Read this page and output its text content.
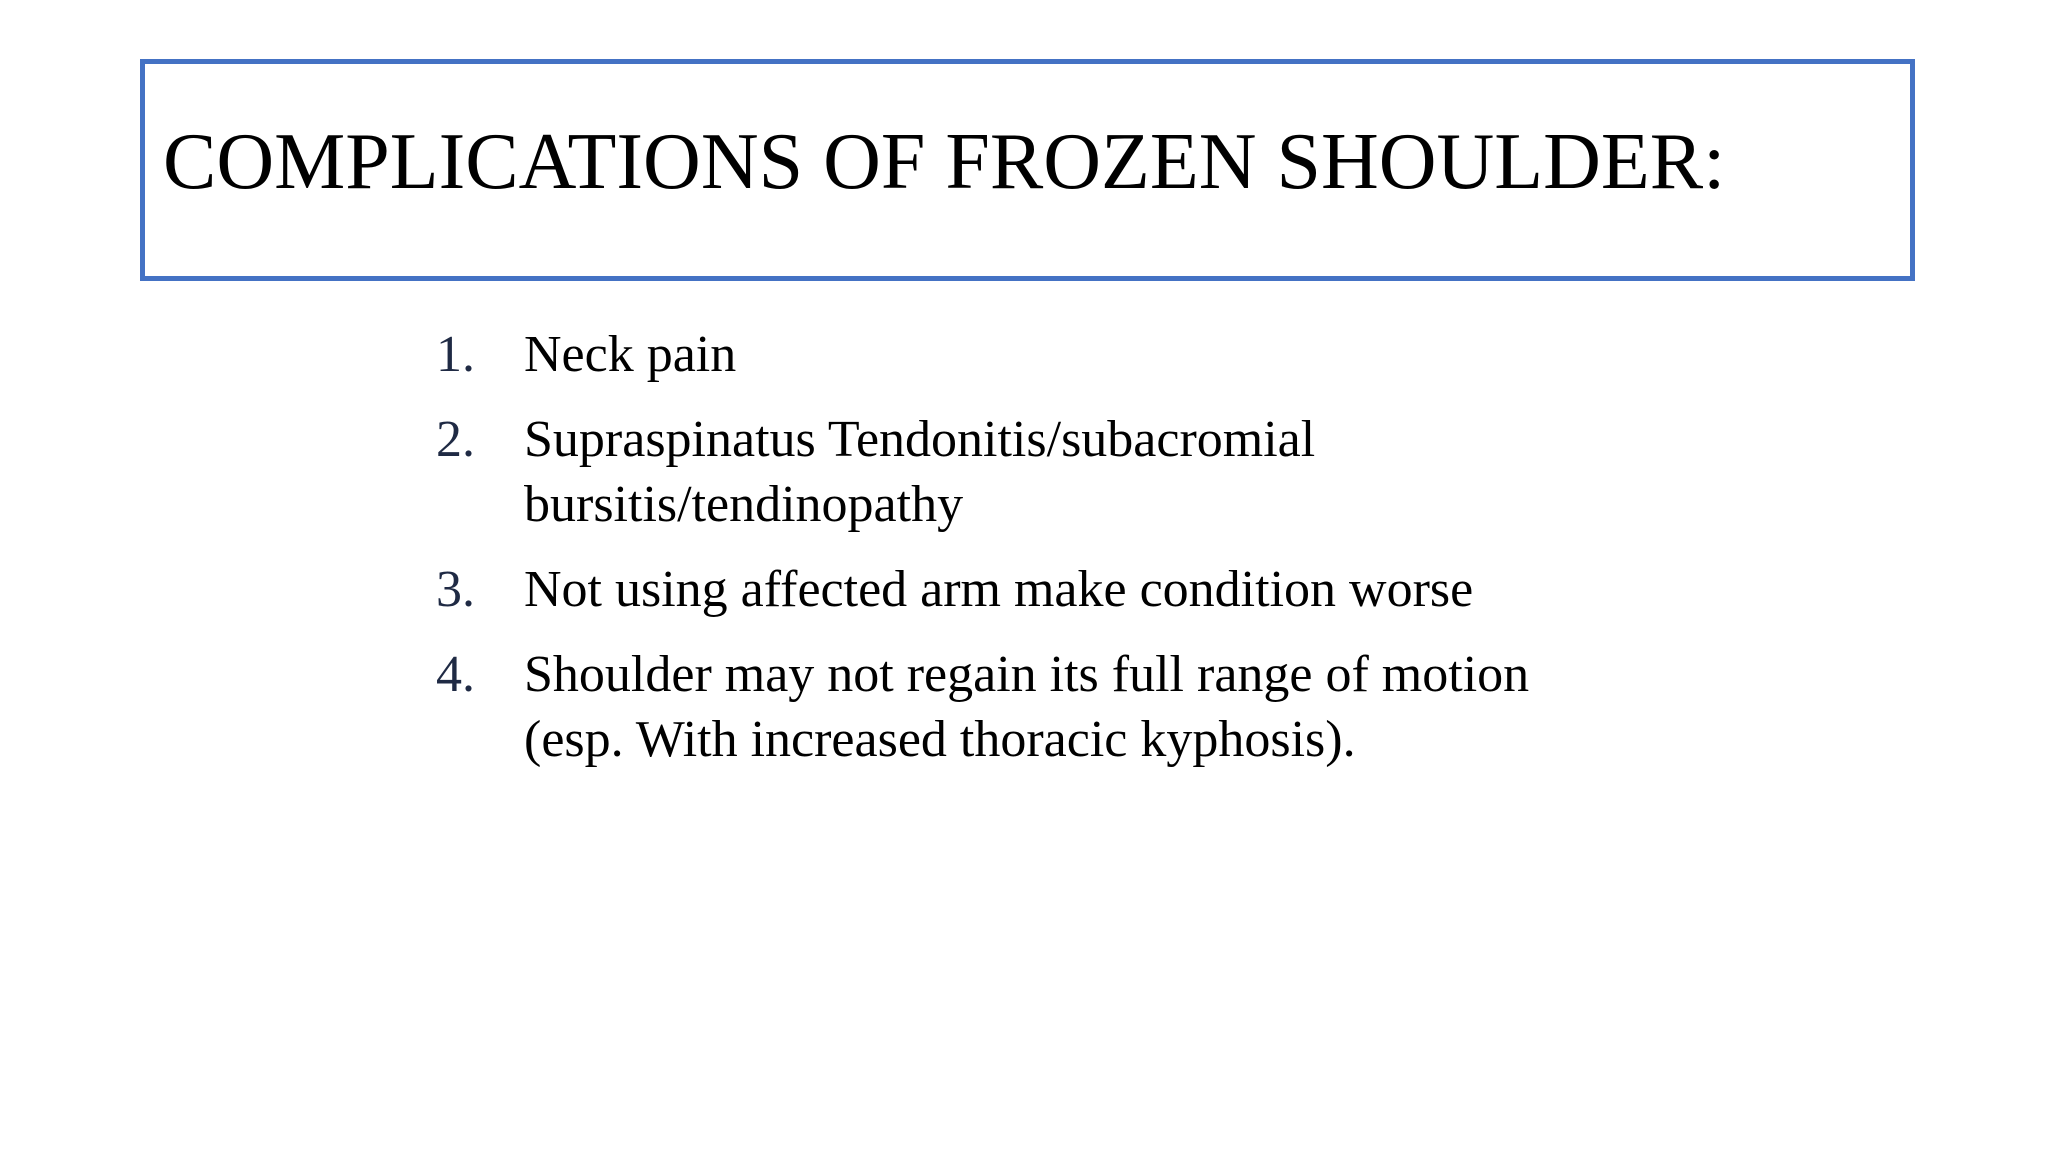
COMPLICATIONS OF FROZEN SHOULDER:
1. Neck pain
2. Supraspinatus Tendonitis/subacromial bursitis/tendinopathy
3. Not using affected arm make condition worse
4. Shoulder may not regain its full range of motion (esp. With increased thoracic kyphosis).
